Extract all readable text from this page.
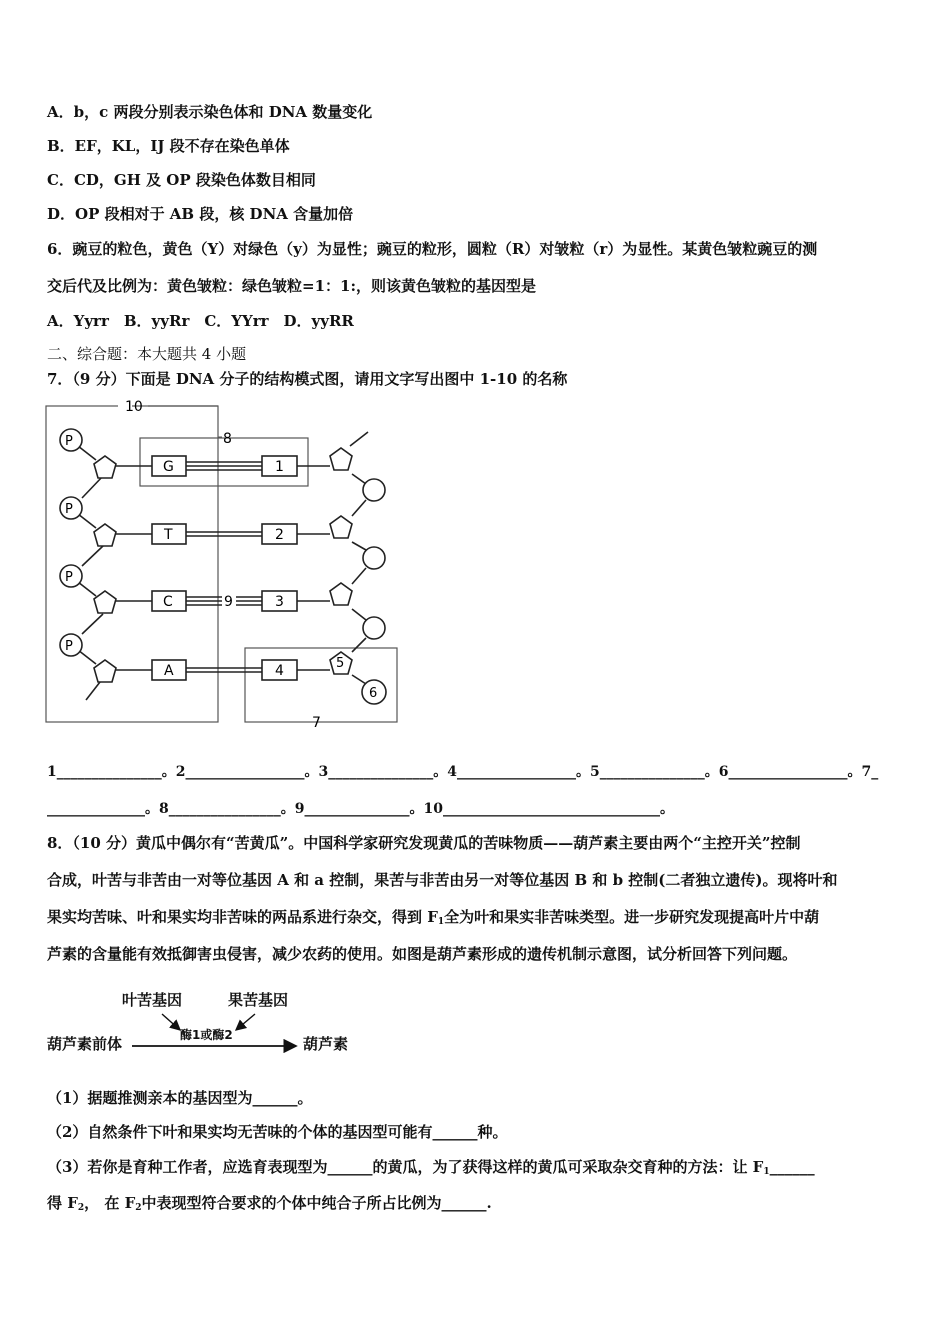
A．b，c 两段分别表示染色体和 DNA 数量变化
B．EF，KL，IJ 段不存在染色单体
C．CD，GH 及 OP 段染色体数目相同
D．OP 段相对于 AB 段，核 DNA 含量加倍
6．豌豆的粒色，黄色（Y）对绿色（y）为显性；豌豆的粒形，圆粒（R）对皱粒（r）为显性。某黄色皱粒豌豆的测
交后代及比例为：黄色皱粒：绿色皱粒=1：1:，则该黄色皱粒的基因型是
A．Yyrr　B．yyRr　C．YYrr　D．yyRR
二、综合题：本大题共 4 小题
7．（9 分）下面是 DNA 分子的结构模式图，请用文字写出图中 1-10 的名称
10
8
7
P
P
P
P
5
6
G
T
C
A
1
2
3
4
9
1_______________。2_________________。3_______________。4_________________。5_______________。6_________________。7_
______________。8________________。9_______________。10_______________________________。
8．（10 分）黄瓜中偶尔有“苦黄瓜”。中国科学家研究发现黄瓜的苦味物质——葫芦素主要由两个“主控开关”控制
合成，叶苦与非苦由一对等位基因 A 和 a 控制，果苦与非苦由另一对等位基因 B 和 b 控制(二者独立遗传)。现将叶和
果实均苦味、叶和果实均非苦味的两品系进行杂交，得到 $F_1$全为叶和果实非苦味类型。进一步研究发现提高叶片中葫
芦素的含量能有效抵御害虫侵害，减少农药的使用。如图是葫芦素形成的遗传机制示意图，试分析回答下列问题。
叶苦基因	果苦基因
葫芦素前体	酶1或酶2	葫芦素
（1）据题推测亲本的基因型为______。
（2）自然条件下叶和果实均无苦味的个体的基因型可能有______种。
（3）若你是育种工作者，应选育表现型为______的黄瓜，为了获得这样的黄瓜可采取杂交育种的方法：让 $F_1\_\_\_\_\_\_$
得 $F_2$， 在 $F_2$中表现型符合要求的个体中纯合子所占比例为______.
